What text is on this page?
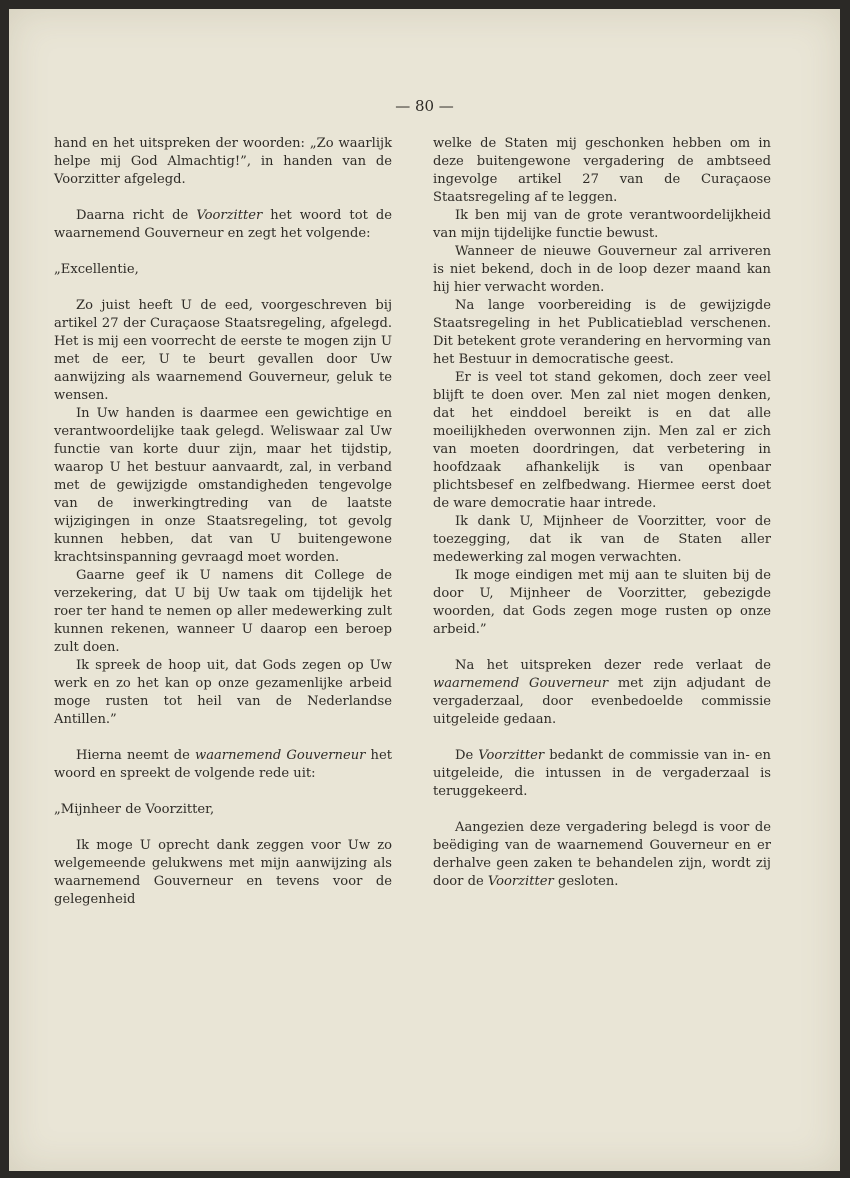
— 80 —

hand en het uitspreken der woorden: „Zo waarlijk helpe mij God Almachtig!”, in handen van de Voorzitter afgelegd.

Daarna richt de Voorzitter het woord tot de waarnemend Gouverneur en zegt het volgende:

„Excellentie,

Zo juist heeft U de eed, voorgeschreven bij artikel 27 der Curaçaose Staatsregeling, afgelegd. Het is mij een voorrecht de eerste te mogen zijn U met de eer, U te beurt gevallen door Uw aanwijzing als waarnemend Gouverneur, geluk te wensen.

In Uw handen is daarmee een gewichtige en verantwoordelijke taak gelegd. Weliswaar zal Uw functie van korte duur zijn, maar het tijdstip, waarop U het bestuur aanvaardt, zal, in verband met de gewijzigde omstandigheden tengevolge van de inwerkingtreding van de laatste wijzigingen in onze Staatsregeling, tot gevolg kunnen hebben, dat van U buitengewone krachtsinspanning gevraagd moet worden.

Gaarne geef ik U namens dit College de verzekering, dat U bij Uw taak om tijdelijk het roer ter hand te nemen op aller medewerking zult kunnen rekenen, wanneer U daarop een beroep zult doen.

Ik spreek de hoop uit, dat Gods zegen op Uw werk en zo het kan op onze gezamenlijke arbeid moge rusten tot heil van de Nederlandse Antillen.”

Hierna neemt de waarnemend Gouverneur het woord en spreekt de volgende rede uit:

„Mijnheer de Voorzitter,

Ik moge U oprecht dank zeggen voor Uw zo welgemeende gelukwens met mijn aanwijzing als waarnemend Gouverneur en tevens voor de gelegenheid

welke de Staten mij geschonken hebben om in deze buitengewone vergadering de ambtseed ingevolge artikel 27 van de Curaçaose Staatsregeling af te leggen.

Ik ben mij van de grote verantwoordelijkheid van mijn tijdelijke functie bewust.

Wanneer de nieuwe Gouverneur zal arriveren is niet bekend, doch in de loop dezer maand kan hij hier verwacht worden.

Na lange voorbereiding is de gewijzigde Staatsregeling in het Publicatieblad verschenen. Dit betekent grote verandering en hervorming van het Bestuur in democratische geest.

Er is veel tot stand gekomen, doch zeer veel blijft te doen over. Men zal niet mogen denken, dat het einddoel bereikt is en dat alle moeilijkheden overwonnen zijn. Men zal er zich van moeten doordringen, dat verbetering in hoofdzaak afhankelijk is van openbaar plichtsbesef en zelfbedwang. Hiermee eerst doet de ware democratie haar intrede.

Ik dank U, Mijnheer de Voorzitter, voor de toezegging, dat ik van de Staten aller medewerking zal mogen verwachten.

Ik moge eindigen met mij aan te sluiten bij de door U, Mijnheer de Voorzitter, gebezigde woorden, dat Gods zegen moge rusten op onze arbeid.”

Na het uitspreken dezer rede verlaat de waarnemend Gouverneur met zijn adjudant de vergaderzaal, door evenbedoelde commissie uitgeleide gedaan.

De Voorzitter bedankt de commissie van in- en uitgeleide, die intussen in de vergaderzaal is teruggekeerd.

Aangezien deze vergadering belegd is voor de beëdiging van de waarnemend Gouverneur en er derhalve geen zaken te behandelen zijn, wordt zij door de Voorzitter gesloten.
